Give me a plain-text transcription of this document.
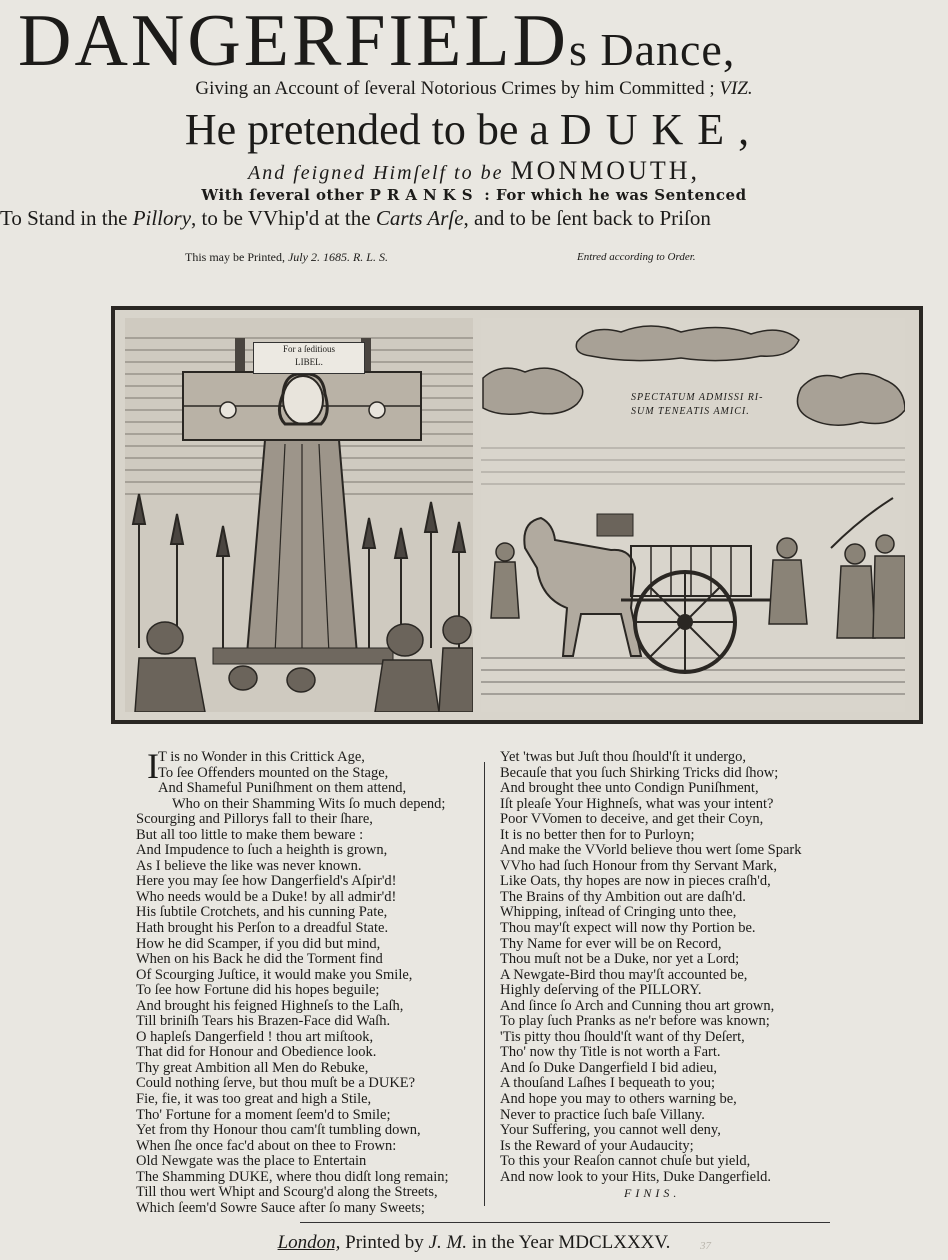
DANGERFIELDs Dance,
Giving an Account of ſeveral Notorious Crimes by him Committed ; VIZ.
He pretended to be a DUKE,
And feigned Himſelf to be MONMOUTH,
With ſeveral other PRANKS : For which he was Sentenced
To Stand in the Pillory, to be VVhip'd at the Carts Arſe, and to be ſent back to Priſon
This may be Printed, July 2. 1685. R. L. S.	Entred according to Order.
For a ſeditious
LIBEL.
SPECTATUM ADMISSI RI-
SUM TENEATIS AMICI.
I T is no Wonder in this Crittick Age,
To ſee Offenders mounted on the Stage,
And Shameful Puniſhment on them attend,
Who on their Shamming Wits ſo much depend;
Scourging and Pillorys fall to their ſhare,
But all too little to make them beware :
And Impudence to ſuch a heighth is grown,
As I believe the like was never known.
Here you may ſee how Dangerfield's Aſpir'd!
Who needs would be a Duke! by all admir'd!
His ſubtile Crotchets, and his cunning Pate,
Hath brought his Perſon to a dreadful State.
How he did Scamper, if you did but mind,
When on his Back he did the Torment find
Of Scourging Juſtice, it would make you Smile,
To ſee how Fortune did his hopes beguile;
And brought his feigned Highneſs to the Laſh,
Till briniſh Tears his Brazen-Face did Waſh.
O hapleſs Dangerfield ! thou art miſtook,
That did for Honour and Obedience look.
Thy great Ambition all Men do Rebuke,
Could nothing ſerve, but thou muſt be a DUKE?
Fie, fie, it was too great and high a Stile,
Tho' Fortune for a moment ſeem'd to Smile;
Yet from thy Honour thou cam'ſt tumbling down,
When ſhe once fac'd about on thee to Frown:
Old Newgate was the place to Entertain
The Shamming DUKE, where thou didſt long remain;
Till thou wert Whipt and Scourg'd along the Streets,
Which ſeem'd Sowre Sauce after ſo many Sweets;
Yet 'twas but Juſt thou ſhould'ſt it undergo,
Becauſe that you ſuch Shirking Tricks did ſhow;
And brought thee unto Condign Puniſhment,
Iſt pleaſe Your Highneſs, what was your intent?
Poor VVomen to deceive, and get their Coyn,
It is no better then for to Purloyn;
And make the VVorld believe thou wert ſome Spark
VVho had ſuch Honour from thy Servant Mark,
Like Oats, thy hopes are now in pieces craſh'd,
The Brains of thy Ambition out are daſh'd.
Whipping, inſtead of Cringing unto thee,
Thou may'ſt expect will now thy Portion be.
Thy Name for ever will be on Record,
Thou muſt not be a Duke, nor yet a Lord;
A Newgate-Bird thou may'ſt accounted be,
Highly deſerving of the PILLORY.
And ſince ſo Arch and Cunning thou art grown,
To play ſuch Pranks as ne'r before was known;
'Tis pitty thou ſhould'ſt want of thy Deſert,
Tho' now thy Title is not worth a Fart.
And ſo Duke Dangerfield I bid adieu,
A thouſand Laſhes I bequeath to you;
And hope you may to others warning be,
Never to practice ſuch baſe Villany.
Your Suffering, you cannot well deny,
Is the Reward of your Audaucity;
To this your Reaſon cannot chuſe but yield,
And now look to your Hits, Duke Dangerfield.
FINIS.
London, Printed by J. M. in the Year MDCLXXXV.	37
